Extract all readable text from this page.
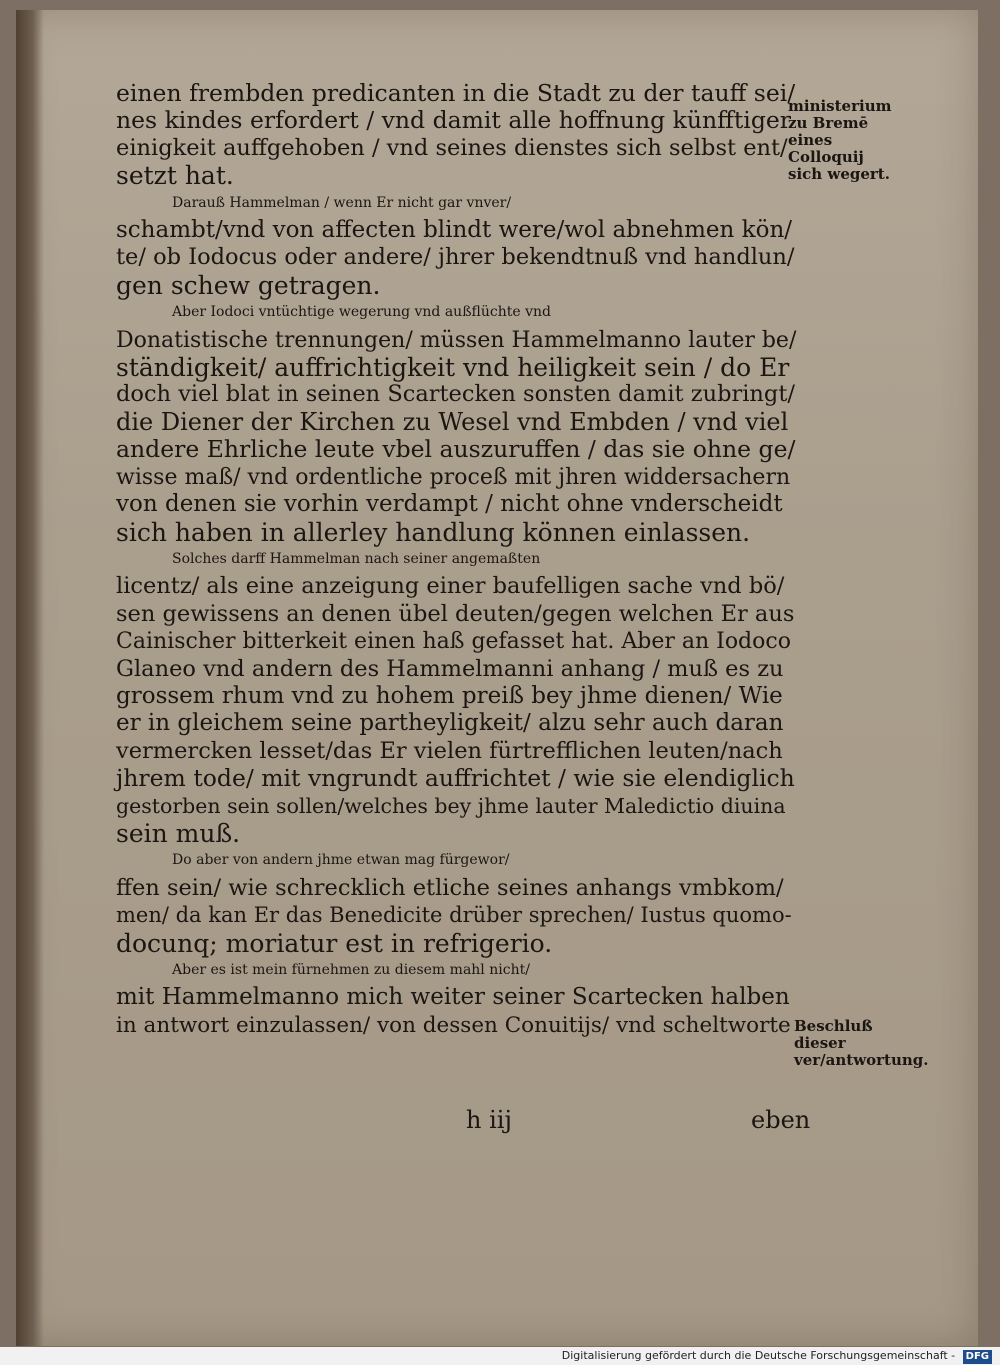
einen frembden predicanten in die Stadt zu der tauff sei/
nes kindes erfordert / vnd damit alle hoffnung künfftiger
einigkeit auffgehoben / vnd seines dienstes sich selbst ent/
setzt hat.
Darauß Hammelman / wenn Er nicht gar vnver/
schambt/vnd von affecten blindt were/wol abnehmen kön/
te/ ob Iodocus oder andere/ jhrer bekendtnuß vnd handlun/
gen schew getragen.
Aber Iodoci vntüchtige wegerung vnd außflüchte vnd
Donatistische trennungen/ müssen Hammelmanno lauter be/
ständigkeit/ auffrichtigkeit vnd heiligkeit sein / do Er
doch viel blat in seinen Scartecken sonsten damit zubringt/
die Diener der Kirchen zu Wesel vnd Embden / vnd viel
andere Ehrliche leute vbel auszuruffen / das sie ohne ge/
wisse maß/ vnd ordentliche proceß mit jhren widdersachern
von denen sie vorhin verdampt / nicht ohne vnderscheidt
sich haben in allerley handlung können einlassen.
Solches darff Hammelman nach seiner angemaßten
licentz/ als eine anzeigung einer baufelligen sache vnd bö/
sen gewissens an denen übel deuten/gegen welchen Er aus
Cainischer bitterkeit einen haß gefasset hat. Aber an Iodoco
Glaneo vnd andern des Hammelmanni anhang / muß es zu
grossem rhum vnd zu hohem preiß bey jhme dienen/ Wie
er in gleichem seine partheyligkeit/ alzu sehr auch daran
vermercken lesset/das Er vielen fürtrefflichen leuten/nach
jhrem tode/ mit vngrundt auffrichtet / wie sie elendiglich
gestorben sein sollen/welches bey jhme lauter Maledictio diuina
sein muß.
Do aber von andern jhme etwan mag fürgewor/
ffen sein/ wie schrecklich etliche seines anhangs vmbkom/
men/ da kan Er das Benedicite drüber sprechen/ Iustus quomo-
docunq; moriatur est in refrigerio.
Aber es ist mein fürnehmen zu diesem mahl nicht/
mit Hammelmanno mich weiter seiner Scartecken halben
in antwort einzulassen/ von dessen Conuitijs/ vnd scheltworte
ministerium zu Bremē eines Colloquij sich wegert.
Beschluß dieser ver/antwortung.
h iij	eben
Digitalisierung gefördert durch die Deutsche Forschungsgemeinschaft - DFG
